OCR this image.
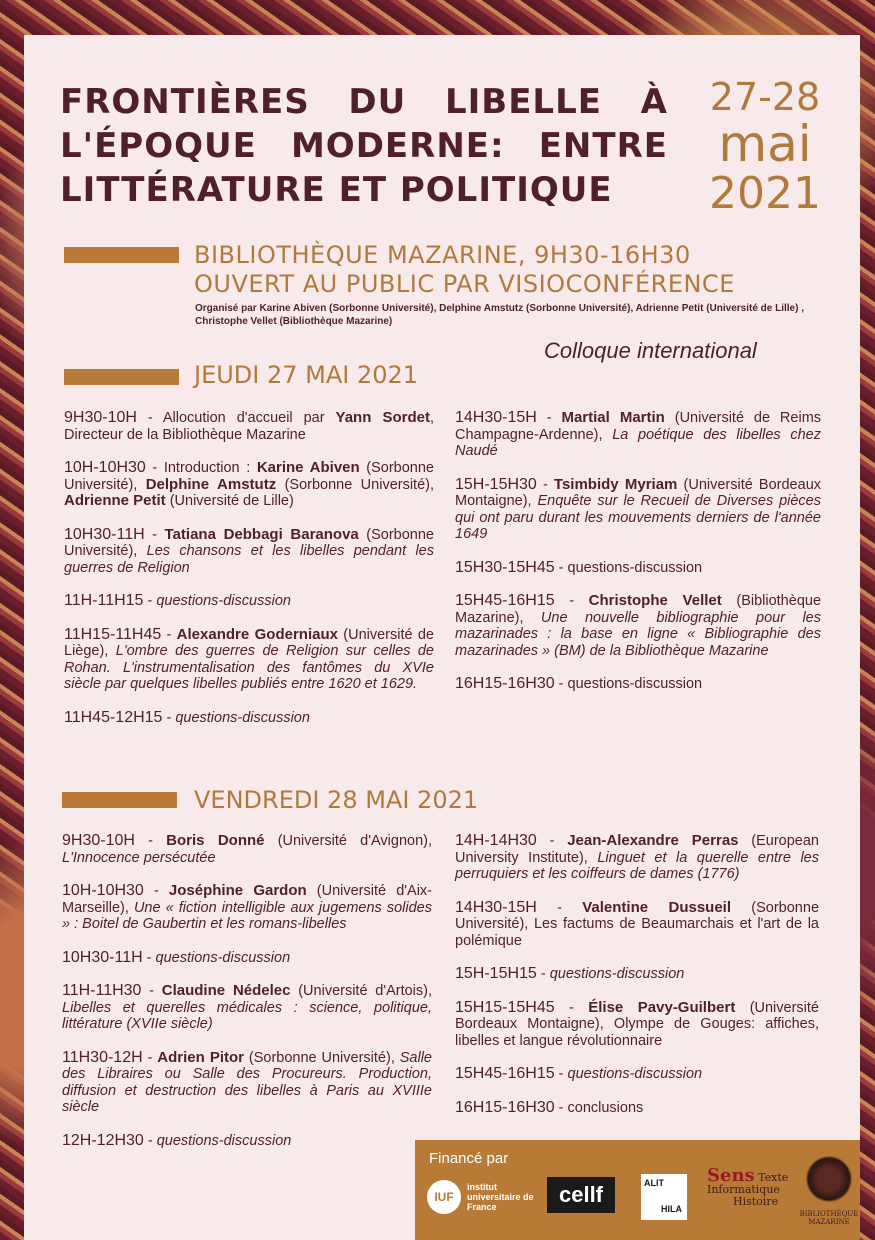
FRONTIÈRES DU LIBELLE À L'ÉPOQUE MODERNE: ENTRE LITTÉRATURE ET POLITIQUE
27-28
mai
2021
BIBLIOTHÈQUE MAZARINE, 9H30-16H30
OUVERT AU PUBLIC PAR VISIOCONFÉRENCE
Organisé par Karine Abiven (Sorbonne Université), Delphine Amstutz (Sorbonne Université), Adrienne Petit (Université de Lille) , Christophe Vellet (Bibliothèque Mazarine)
Colloque international
JEUDI 27 MAI 2021

9H30-10H - Allocution d'accueil par Yann Sordet, Directeur de la Bibliothèque Mazarine

10H-10H30 - Introduction : Karine Abiven (Sorbonne Université), Delphine Amstutz (Sorbonne Université), Adrienne Petit (Université de Lille)

10H30-11H - Tatiana Debbagi Baranova (Sorbonne Université), Les chansons et les libelles pendant les guerres de Religion

11H-11H15 - questions-discussion

11H15-11H45 - Alexandre Goderniaux (Université de Liège), L'ombre des guerres de Religion sur celles de Rohan. L'instrumentalisation des fantômes du XVIe siècle par quelques libelles publiés entre 1620 et 1629.

11H45-12H15 - questions-discussion

14H30-15H - Martial Martin (Université de Reims Champagne-Ardenne), La poétique des libelles chez Naudé

15H-15H30 - Tsimbidy Myriam (Université Bordeaux Montaigne), Enquête sur le Recueil de Diverses pièces qui ont paru durant les mouvements derniers de l'année 1649

15H30-15H45 - questions-discussion

15H45-16H15 - Christophe Vellet (Bibliothèque Mazarine), Une nouvelle bibliographie pour les mazarinades : la base en ligne « Bibliographie des mazarinades » (BM) de la Bibliothèque Mazarine

16H15-16H30 - questions-discussion

VENDREDI 28 MAI 2021

9H30-10H - Boris Donné (Université d'Avignon), L'Innocence persécutée

10H-10H30 - Joséphine Gardon (Université d'Aix-Marseille), Une « fiction intelligible aux jugemens solides » : Boitel de Gaubertin et les romans-libelles

10H30-11H - questions-discussion

11H-11H30 - Claudine Nédelec (Université d'Artois), Libelles et querelles médicales : science, politique, littérature (XVIIe siècle)

11H30-12H - Adrien Pitor (Sorbonne Université), Salle des Libraires ou Salle des Procureurs. Production, diffusion et destruction des libelles à Paris au XVIIIe siècle

12H-12H30 - questions-discussion

14H-14H30 - Jean-Alexandre Perras (European University Institute), Linguet et la querelle entre les perruquiers et les coiffeurs de dames (1776)

14H30-15H - Valentine Dussueil (Sorbonne Université), Les factums de Beaumarchais et l'art de la polémique

15H-15H15 - questions-discussion

15H15-15H45 - Élise Pavy-Guilbert (Université Bordeaux Montaigne), Olympe de Gouges: affiches, libelles et langue révolutionnaire

15H45-16H15 - questions-discussion

16H15-16H30 - conclusions

Financé par
IUF
institut universitaire de France	cellf	ALIT
HILA
Sens Texte
Informatique
Histoire
BIBLIOTHÈQUE MAZARINE
